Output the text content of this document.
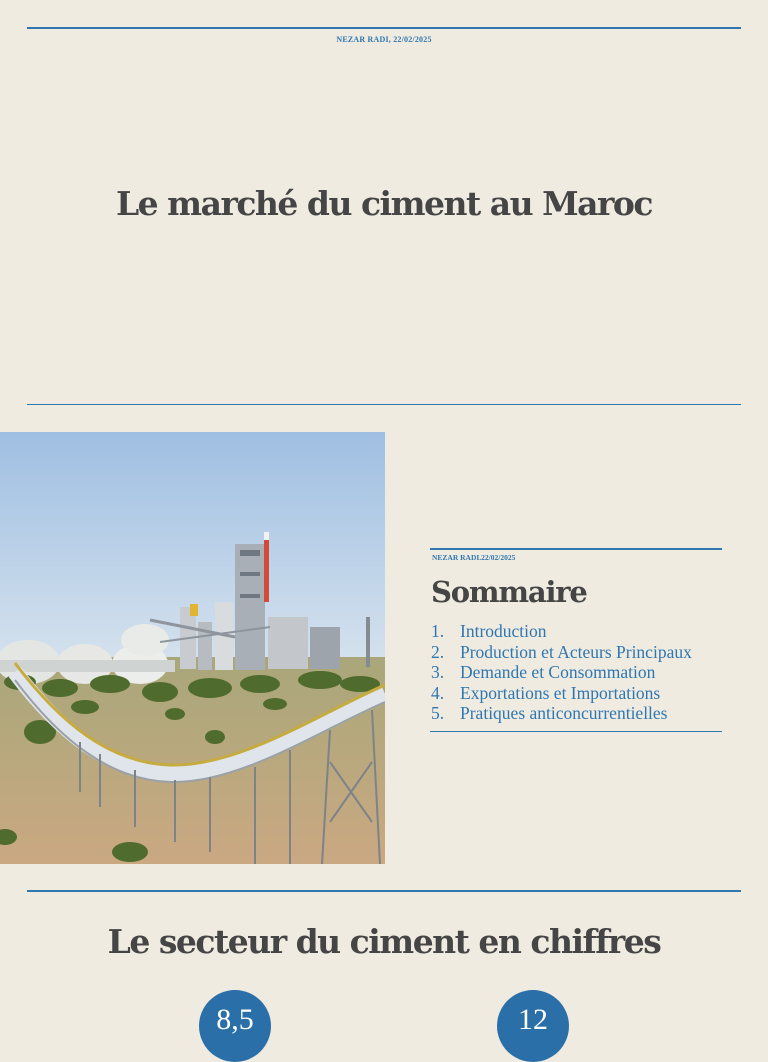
NEZAR RADI, 22/02/2025
Le marché du ciment au Maroc
NEZAR RADI.22/02/2025
Sommaire
1. Introduction
2. Production et Acteurs Principaux
3. Demande et Consommation
4. Exportations et Importations
5. Pratiques anticoncurrentielles
Le secteur du ciment en chiffres
8,5	12
